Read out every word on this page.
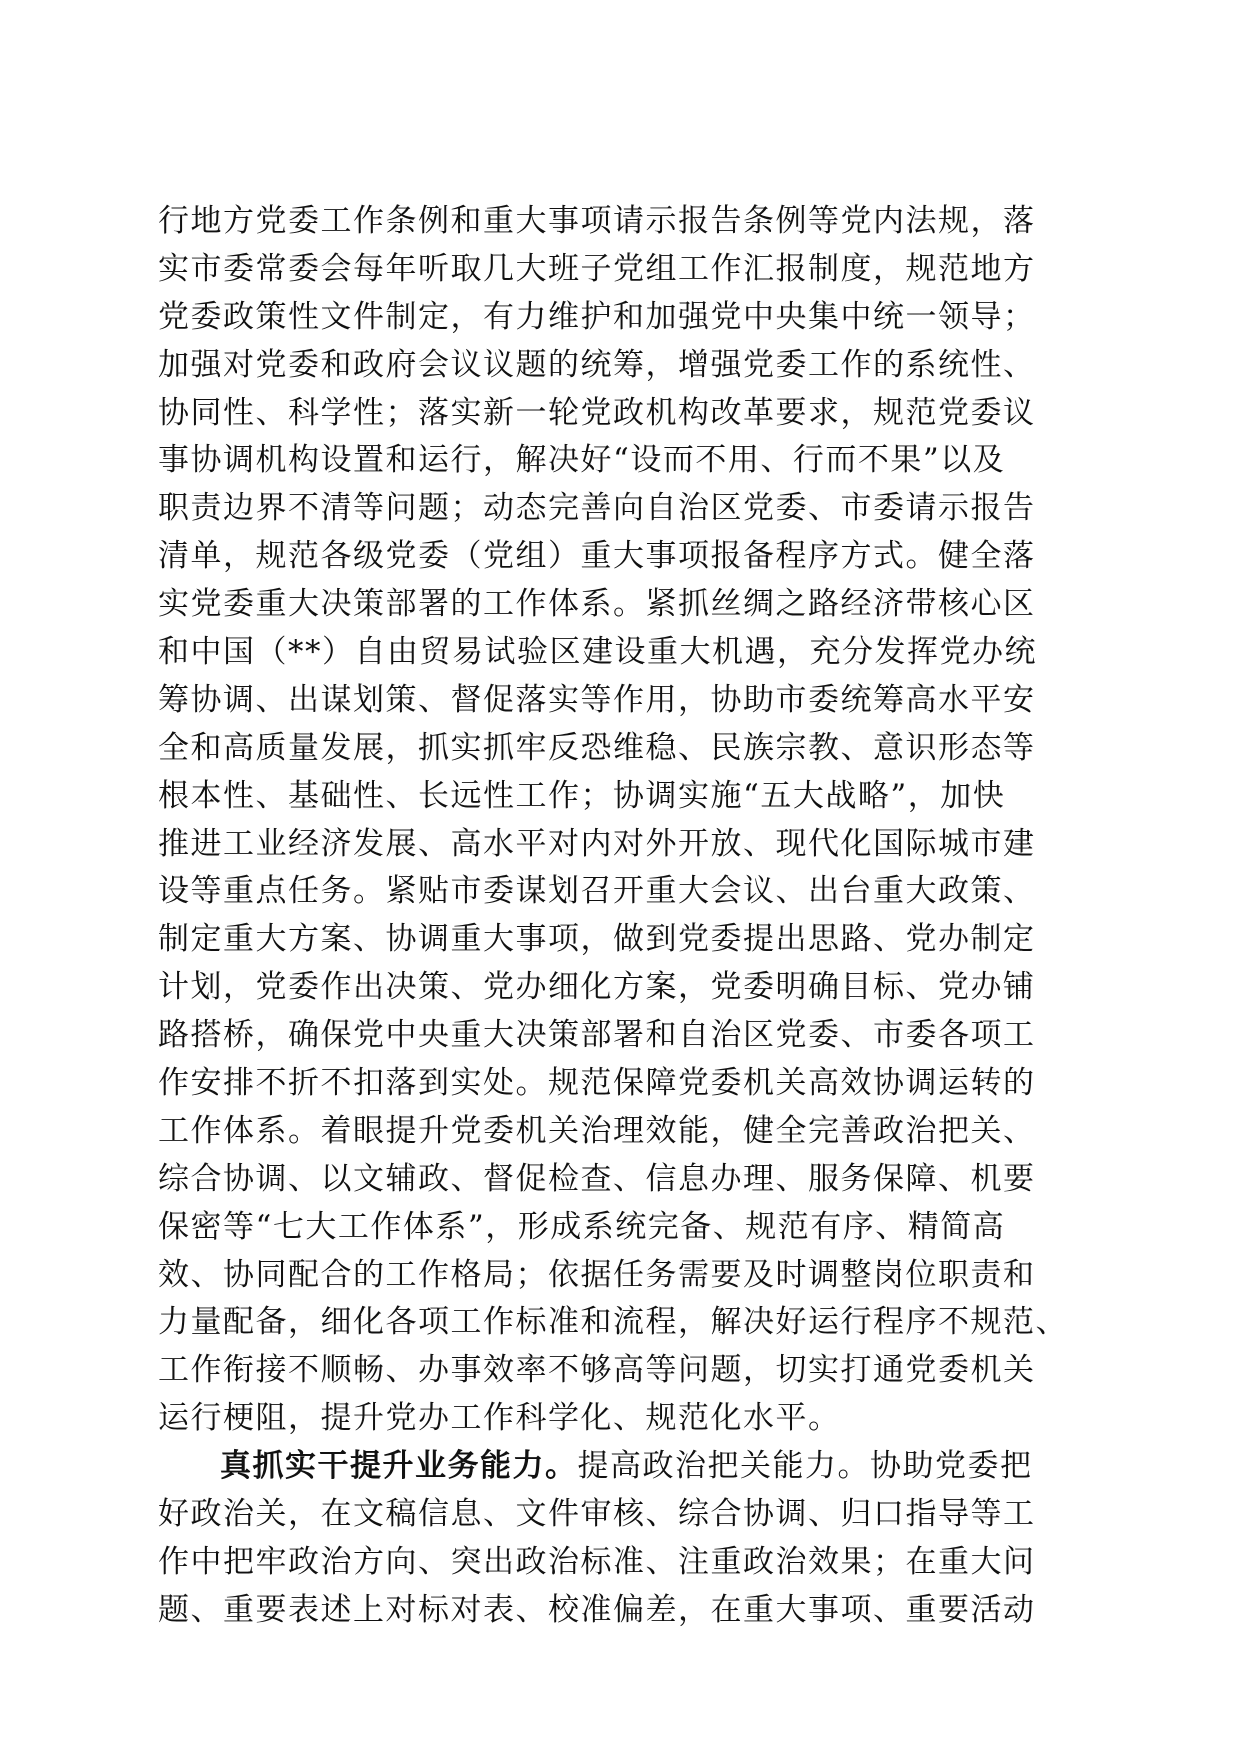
行地方党委工作条例和重大事项请示报告条例等党内法规，落
实市委常委会每年听取几大班子党组工作汇报制度，规范地方
党委政策性文件制定，有力维护和加强党中央集中统一领导；
加强对党委和政府会议议题的统筹，增强党委工作的系统性、
协同性、科学性；落实新一轮党政机构改革要求，规范党委议
事协调机构设置和运行，解决好“设而不用、行而不果”以及
职责边界不清等问题；动态完善向自治区党委、市委请示报告
清单，规范各级党委（党组）重大事项报备程序方式。健全落
实党委重大决策部署的工作体系。紧抓丝绸之路经济带核心区
和中国（**）自由贸易试验区建设重大机遇，充分发挥党办统
筹协调、出谋划策、督促落实等作用，协助市委统筹高水平安
全和高质量发展，抓实抓牢反恐维稳、民族宗教、意识形态等
根本性、基础性、长远性工作；协调实施“五大战略”，加快
推进工业经济发展、高水平对内对外开放、现代化国际城市建
设等重点任务。紧贴市委谋划召开重大会议、出台重大政策、
制定重大方案、协调重大事项，做到党委提出思路、党办制定
计划，党委作出决策、党办细化方案，党委明确目标、党办铺
路搭桥，确保党中央重大决策部署和自治区党委、市委各项工
作安排不折不扣落到实处。规范保障党委机关高效协调运转的
工作体系。着眼提升党委机关治理效能，健全完善政治把关、
综合协调、以文辅政、督促检查、信息办理、服务保障、机要
保密等“七大工作体系”，形成系统完备、规范有序、精简高
效、协同配合的工作格局；依据任务需要及时调整岗位职责和
力量配备，细化各项工作标准和流程，解决好运行程序不规范、
工作衔接不顺畅、办事效率不够高等问题，切实打通党委机关
运行梗阻，提升党办工作科学化、规范化水平。
真抓实干提升业务能力。提高政治把关能力。协助党委把
好政治关，在文稿信息、文件审核、综合协调、归口指导等工
作中把牢政治方向、突出政治标准、注重政治效果；在重大问
题、重要表述上对标对表、校准偏差，在重大事项、重要活动
